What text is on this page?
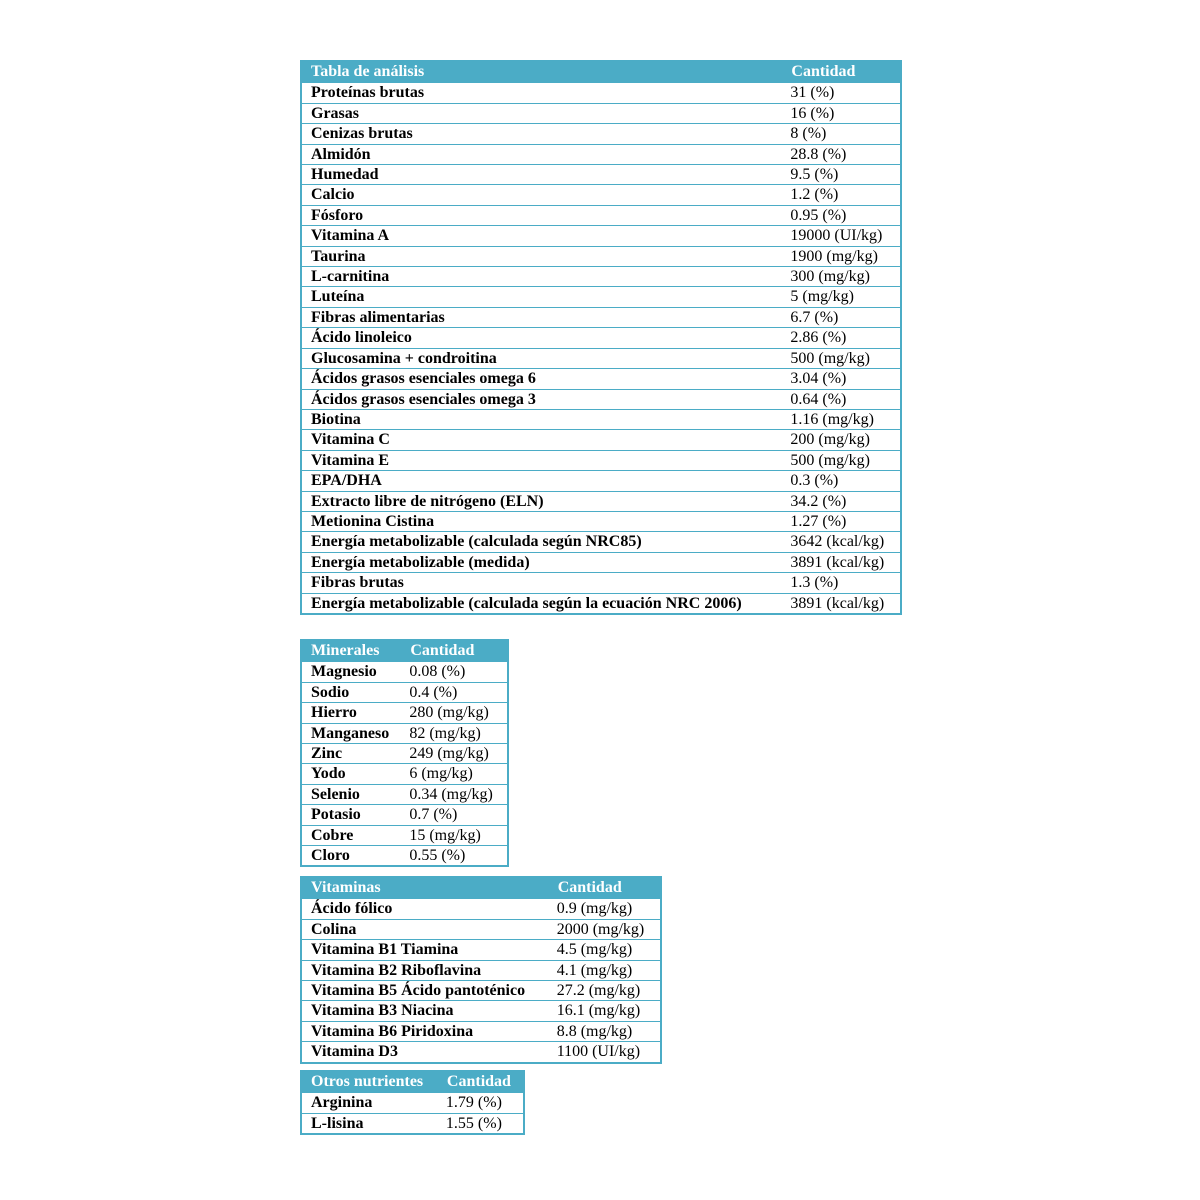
Tabla de análisis	Cantidad
Proteínas brutas	31 (%)
Grasas	16 (%)
Cenizas brutas	8 (%)
Almidón	28.8 (%)
Humedad	9.5 (%)
Calcio	1.2 (%)
Fósforo	0.95 (%)
Vitamina A	19000 (UI/kg)
Taurina	1900 (mg/kg)
L-carnitina	300 (mg/kg)
Luteína	5 (mg/kg)
Fibras alimentarias	6.7 (%)
Ácido linoleico	2.86 (%)
Glucosamina + condroitina	500 (mg/kg)
Ácidos grasos esenciales omega 6	3.04 (%)
Ácidos grasos esenciales omega 3	0.64 (%)
Biotina	1.16 (mg/kg)
Vitamina C	200 (mg/kg)
Vitamina E	500 (mg/kg)
EPA/DHA	0.3 (%)
Extracto libre de nitrógeno (ELN)	34.2 (%)
Metionina Cistina	1.27 (%)
Energía metabolizable (calculada según NRC85)	3642 (kcal/kg)
Energía metabolizable (medida)	3891 (kcal/kg)
Fibras brutas	1.3 (%)
Energía metabolizable (calculada según la ecuación NRC 2006)	3891 (kcal/kg)
Minerales	Cantidad
Magnesio	0.08 (%)
Sodio	0.4 (%)
Hierro	280 (mg/kg)
Manganeso	82 (mg/kg)
Zinc	249 (mg/kg)
Yodo	6 (mg/kg)
Selenio	0.34 (mg/kg)
Potasio	0.7 (%)
Cobre	15 (mg/kg)
Cloro	0.55 (%)
Vitaminas	Cantidad
Ácido fólico	0.9 (mg/kg)
Colina	2000 (mg/kg)
Vitamina B1 Tiamina	4.5 (mg/kg)
Vitamina B2 Riboflavina	4.1 (mg/kg)
Vitamina B5 Ácido pantoténico	27.2 (mg/kg)
Vitamina B3 Niacina	16.1 (mg/kg)
Vitamina B6 Piridoxina	8.8 (mg/kg)
Vitamina D3	1100 (UI/kg)
Otros nutrientes	Cantidad
Arginina	1.79 (%)
L-lisina	1.55 (%)
